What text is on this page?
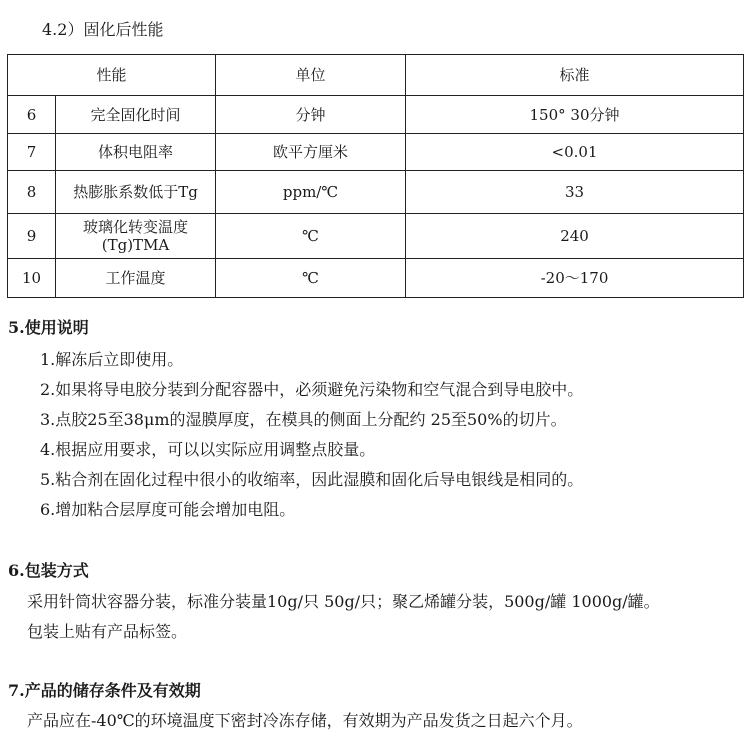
4.2）固化后性能
性能		单位	标准
6	完全固化时间	分钟	150° 30分钟
7	体积电阻率	欧平方厘米	<0.01
8	热膨胀系数低于Tg	ppm/℃	33
9	玻璃化转变温度(Tg)TMA	℃	240
10	工作温度	℃	-20～170
5.使用说明
1.解冻后立即使用。
2.如果将导电胶分装到分配容器中，必须避免污染物和空气混合到导电胶中。
3.点胶25至38μm的湿膜厚度，在模具的侧面上分配约 25至50%的切片。
4.根据应用要求，可以以实际应用调整点胶量。
5.粘合剂在固化过程中很小的收缩率，因此湿膜和固化后导电银线是相同的。
6.增加粘合层厚度可能会增加电阻。
6.包装方式

采用针筒状容器分装，标准分装量10g/只 50g/只；聚乙烯罐分装，500g/罐 1000g/罐。

包装上贴有产品标签。

7.产品的储存条件及有效期

产品应在-40℃的环境温度下密封冷冻存储，有效期为产品发货之日起六个月。
